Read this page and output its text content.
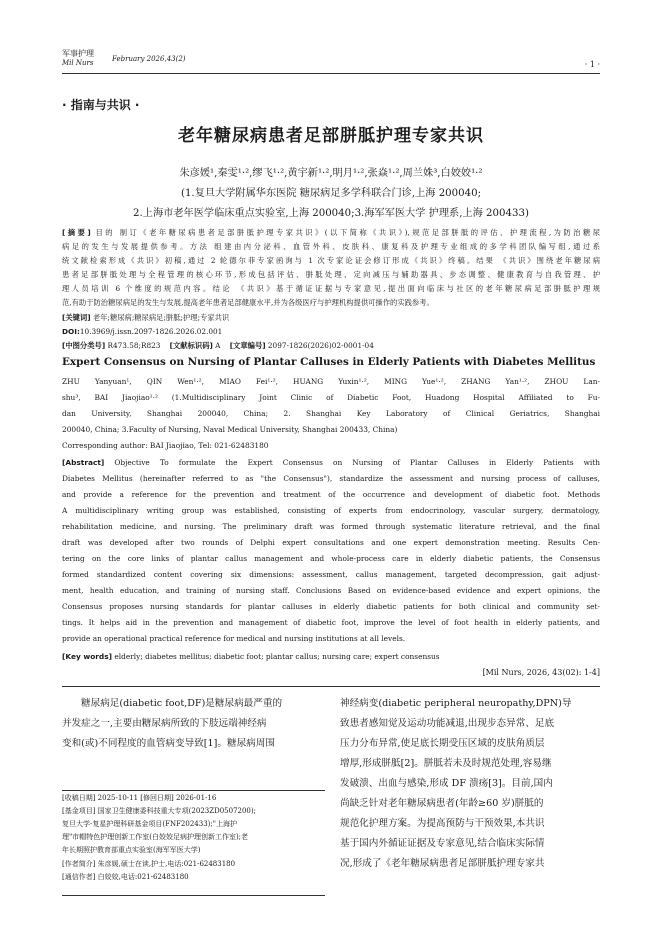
军事护理
Mil Nurs	February 2026,43(2)
· 1 ·
· 指南与共识 ·
老年糖尿病患者足部胼胝护理专家共识
朱彦媛¹,秦雯¹·²,缪飞¹·²,黄宇新¹·²,明月¹·²,张焱¹·²,周兰姝³,白姣姣¹·²
(1.复旦大学附属华东医院 糖尿病足多学科联合门诊,上海 200040;
2.上海市老年医学临床重点实验室,上海 200040;3.海军军医大学 护理系,上海 200433)
[摘要] 目的 制订《老年糖尿病患者足部胼胝护理专家共识》(以下简称《共识》),规范足部胼胝的评估、护理流程,为防治糖尿
病足的发生与发展提供参考。方法 组建由内分泌科、血管外科、皮肤科、康复科及护理专业组成的多学科团队编写组,通过系
统文献检索形成《共识》初稿,通过 2 轮德尔菲专家函询与 1 次专家论证会修订形成《共识》终稿。结果 《共识》围绕老年糖尿病
患者足部胼胝处理与全程管理的核心环节,形成包括评估、胼胝处理、定向减压与辅助器具、步态调整、健康教育与自我管理、护
理人员培训 6 个维度的规范内容。结论 《共识》基于循证证据与专家意见,提出面向临床与社区的老年糖尿病足部胼胝护理规
范,有助于防治糖尿病足的发生与发展,提高老年患者足部健康水平,并为各级医疗与护理机构提供可操作的实践参考。
[关键词] 老年;糖尿病;糖尿病足;胼胝;护理;专家共识
DOI:10.3969/j.issn.2097-1826.2026.02.001
[中图分类号] R473.58;R823 [文献标识码] A [文章编号] 2097-1826(2026)02-0001-04
Expert Consensus on Nursing of Plantar Calluses in Elderly Patients with Diabetes Mellitus
ZHU Yanyuan¹, QIN Wen¹·², MIAO Fei¹·², HUANG Yuxin¹·², MING Yue¹·², ZHANG Yan¹·², ZHOU Lan-
shu³, BAI Jiaojiao¹·² (1.Multidisciplinary Joint Clinic of Diabetic Foot, Huadong Hospital Affiliated to Fu-
dan University, Shanghai 200040, China; 2. Shanghai Key Laboratory of Clinical Geriatrics, Shanghai
200040, China; 3.Faculty of Nursing, Naval Medical University, Shanghai 200433, China)
Corresponding author: BAI Jiaojiao, Tel: 021-62483180
[Abstract] Objective To formulate the Expert Consensus on Nursing of Plantar Calluses in Elderly Patients with
Diabetes Mellitus (hereinafter referred to as "the Consensus"), standardize the assessment and nursing process of calluses,
and provide a reference for the prevention and treatment of the occurrence and development of diabetic foot. Methods
A multidisciplinary writing group was established, consisting of experts from endocrinology, vascular surgery, dermatology,
rehabilitation medicine, and nursing. The preliminary draft was formed through systematic literature retrieval, and the final
draft was developed after two rounds of Delphi expert consultations and one expert demonstration meeting. Results Cen-
tering on the core links of plantar callus management and whole-process care in elderly diabetic patients, the Consensus
formed standardized content covering six dimensions: assessment, callus management, targeted decompression, gait adjust-
ment, health education, and training of nursing staff. Conclusions Based on evidence-based evidence and expert opinions, the
Consensus proposes nursing standards for plantar calluses in elderly diabetic patients for both clinical and community set-
tings. It helps aid in the prevention and management of diabetic foot, improve the level of foot health in elderly patients, and
provide an operational practical reference for medical and nursing institutions at all levels.
[Key words] elderly; diabetes mellitus; diabetic foot; plantar callus; nursing care; expert consensus
[Mil Nurs, 2026, 43(02): 1-4]
糖尿病足(diabetic foot,DF)是糖尿病最严重的
并发症之一,主要由糖尿病所致的下肢远端神经病
变和(或)不同程度的血管病变导致[1]。糖尿病周围
[收稿日期] 2025-10-11 [修回日期] 2026-01-16
[基金项目] 国家卫生健康委科技重大专项(2023ZD0507200);
复旦大学-复星护理科研基金项目(FNF202433);"上海护
理"市帽特色护理创新工作室(白姣姣足病护理创新工作室);老
年长期照护教育部重点实验室(海军军医大学)
[作者简介] 朱彦媛,硕士在读,护士,电话:021-62483180
[通信作者] 白姣姣,电话:021-62483180
神经病变(diabetic peripheral neuropathy,DPN)导
致患者感知觉及运动功能减退,出现步态异常、足底
压力分布异常,使足底长期受压区域的皮肤角质层
增厚,形成胼胝[2]。胼胝若未及时规范处理,容易继
发破溃、出血与感染,形成 DF 溃疡[3]。目前,国内
尚缺乏针对老年糖尿病患者(年龄≥60 岁)胼胝的
规范化护理方案。为提高预防与干预效果,本共识
基于国内外循证证据及专家意见,结合临床实际情
况,形成了《老年糖尿病患者足部胼胝护理专家共
